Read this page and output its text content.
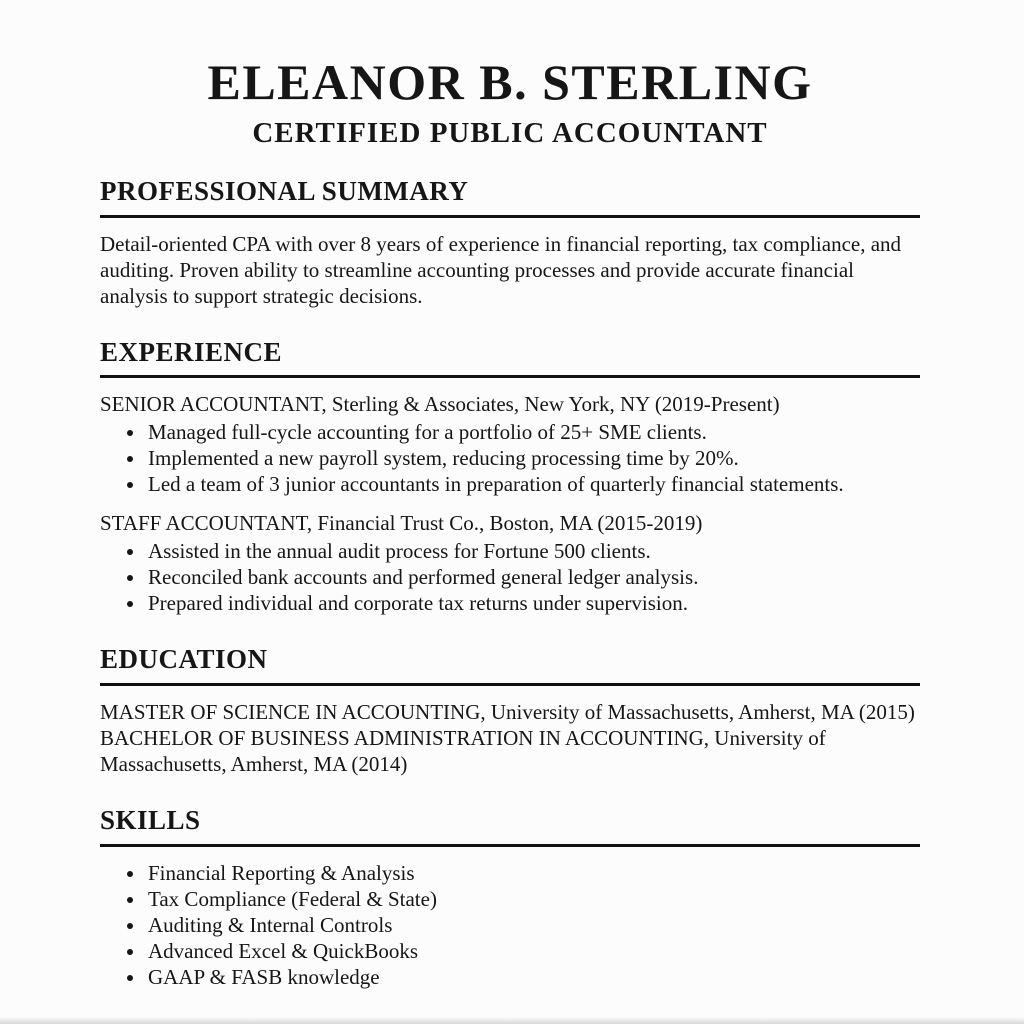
ELEANOR B. STERLING
CERTIFIED PUBLIC ACCOUNTANT
PROFESSIONAL SUMMARY

Detail-oriented CPA with over 8 years of experience in financial reporting, tax compliance, and auditing. Proven ability to streamline accounting processes and provide accurate financial analysis to support strategic decisions.

EXPERIENCE

SENIOR ACCOUNTANT, Sterling & Associates, New York, NY (2019-Present)

• Managed full-cycle accounting for a portfolio of 25+ SME clients.
• Implemented a new payroll system, reducing processing time by 20%.
• Led a team of 3 junior accountants in preparation of quarterly financial statements.

STAFF ACCOUNTANT, Financial Trust Co., Boston, MA (2015-2019)

• Assisted in the annual audit process for Fortune 500 clients.
• Reconciled bank accounts and performed general ledger analysis.
• Prepared individual and corporate tax returns under supervision.
EDUCATION

MASTER OF SCIENCE IN ACCOUNTING, University of Massachusetts, Amherst, MA (2015)

BACHELOR OF BUSINESS ADMINISTRATION IN ACCOUNTING, University of Massachusetts, Amherst, MA (2014)

SKILLS
• Financial Reporting & Analysis
• Tax Compliance (Federal & State)
• Auditing & Internal Controls
• Advanced Excel & QuickBooks
• GAAP & FASB knowledge
